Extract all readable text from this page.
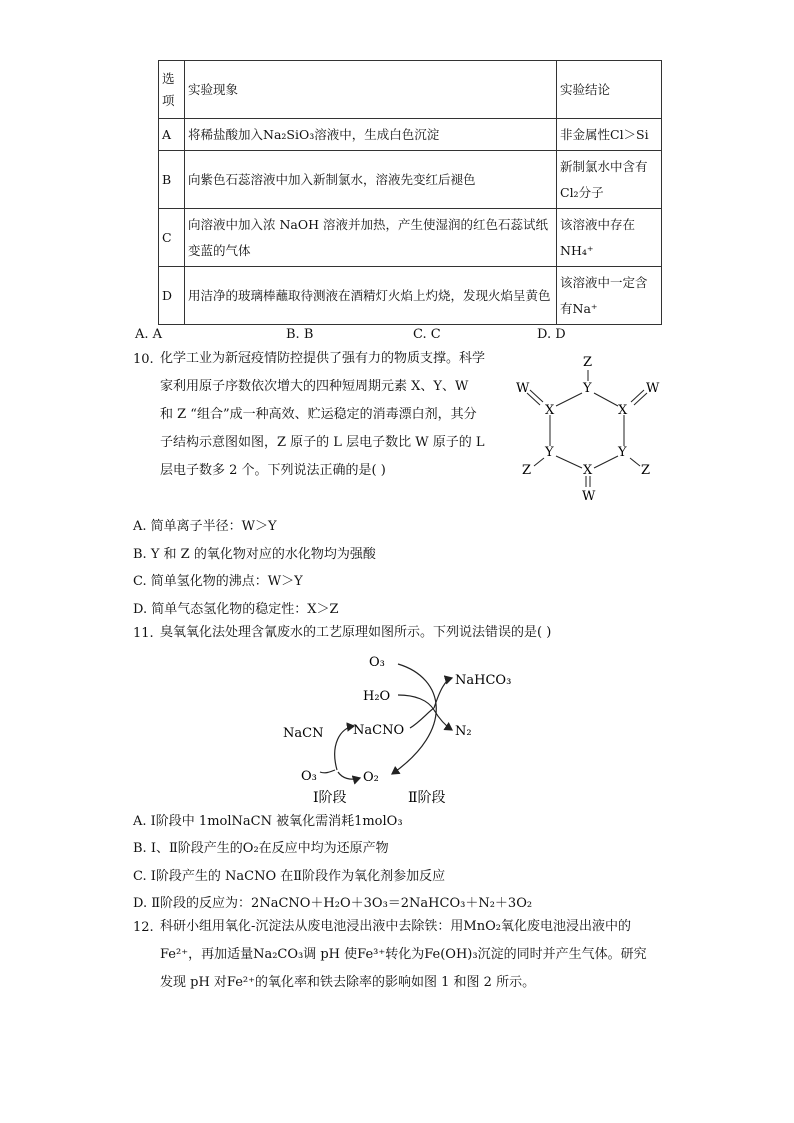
选
项	实验现象	实验结论
A	将稀盐酸加入Na₂SiO₃溶液中，生成白色沉淀	非金属性Cl＞Si
B	向紫色石蕊溶液中加入新制氯水，溶液先变红后褪色	新制氯水中含有Cl₂分子
C	向溶液中加入浓 NaOH 溶液并加热，产生使湿润的红色石蕊试纸变蓝的气体	该溶液中存在NH₄⁺
D	用洁净的玻璃棒蘸取待测液在酒精灯火焰上灼烧，发现火焰呈黄色	该溶液中一定含有Na⁺
A. A	B. B	C. C	D. D
10. 化学工业为新冠疫情防控提供了强有力的物质支撑。科学
家利用原子序数依次增大的四种短周期元素 X、Y、W
和 Z “组合”成一种高效、贮运稳定的消毒漂白剂，其分
子结构示意图如图，Z 原子的 L 层电子数比 W 原子的 L
层电子数多 2 个。下列说法正确的是( )
Z
Y
X	X
W	W
Y	Y
X
W
Z	Z
A. 简单离子半径：W＞Y
B. Y 和 Z 的氧化物对应的水化物均为强酸
C. 简单氢化物的沸点：W＞Y
D. 简单气态氢化物的稳定性：X＞Z
11. 臭氧氧化法处理含氰废水的工艺原理如图所示。下列说法错误的是( )
O₃
H₂O
NaHCO₃
N₂
NaCN NaCNO
O₃	O₂
Ⅰ阶段	Ⅱ阶段
A. Ⅰ阶段中 1molNaCN 被氧化需消耗1molO₃
B. Ⅰ、Ⅱ阶段产生的O₂在反应中均为还原产物
C. Ⅰ阶段产生的 NaCNO 在Ⅱ阶段作为氧化剂参加反应
D. Ⅱ阶段的反应为：2NaCNO＋H₂O＋3O₃＝2NaHCO₃＋N₂＋3O₂
12. 科研小组用氧化-沉淀法从废电池浸出液中去除铁：用MnO₂氧化废电池浸出液中的
Fe²⁺，再加适量Na₂CO₃调 pH 使Fe³⁺转化为Fe(OH)₃沉淀的同时并产生气体。研究
发现 pH 对Fe²⁺的氧化率和铁去除率的影响如图 1 和图 2 所示。
